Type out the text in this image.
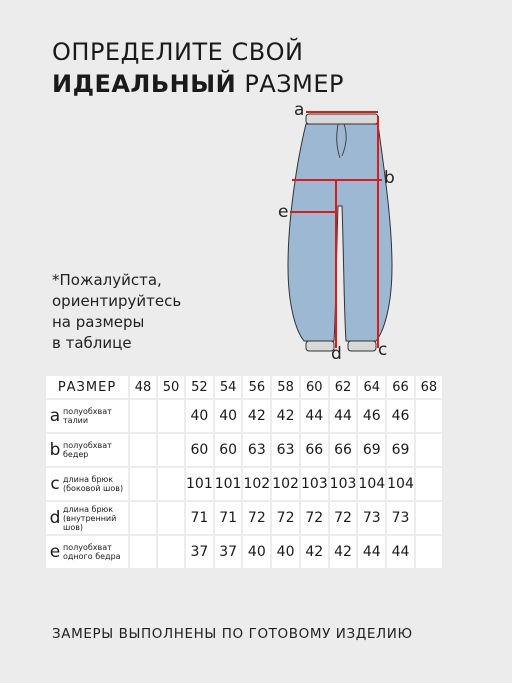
ОПРЕДЕЛИТЕ СВОЙ
ИДЕАЛЬНЫЙ РАЗМЕР
*Пожалуйста,
ориентируйтесь
на размеры
в таблице
a
b
c
d
e
РАЗМЕР	48	50	52	54	56	58	60	62	64	66	68
a полуобхват талии			40	40	42	42	44	44	46	46	
b полуобхват бедер			60	60	63	63	66	66	69	69	
c длина брюк (боковой шов)			101	101	102	102	103	103	104	104	
d длина брюк (внутренний шов)			71	71	72	72	72	72	73	73	
e полуобхват одного бедра			37	37	40	40	42	42	44	44	
ЗАМЕРЫ ВЫПОЛНЕНЫ ПО ГОТОВОМУ ИЗДЕЛИЮ
